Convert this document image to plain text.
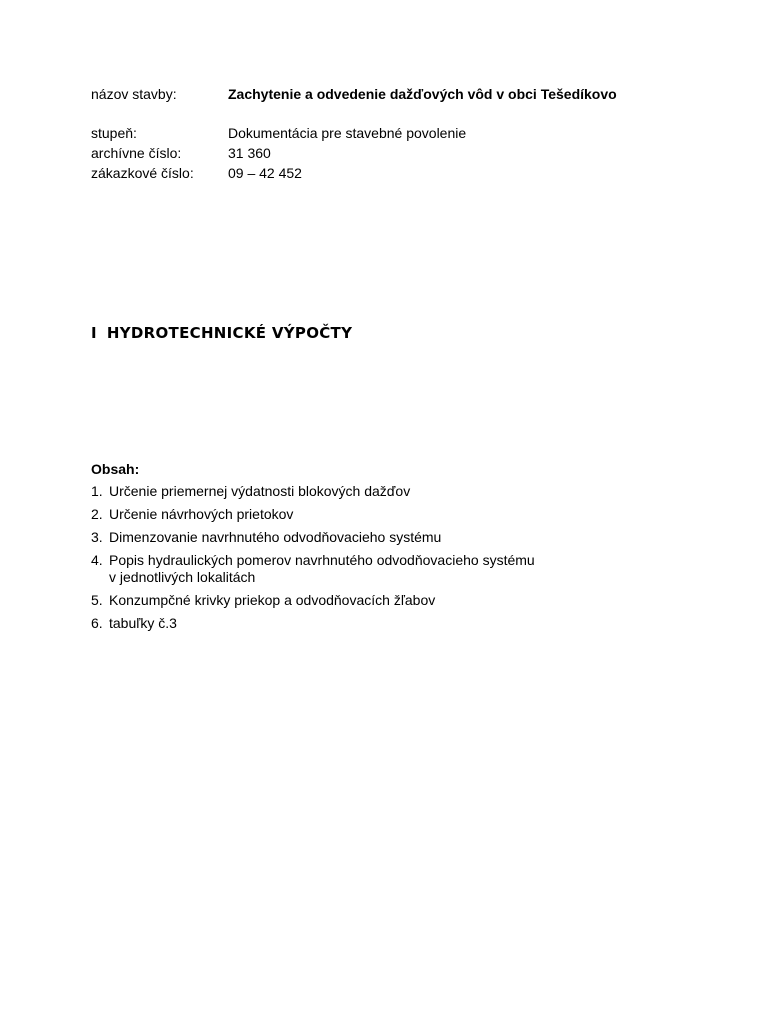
názov stavby:	Zachytenie a odvedenie dažďových vôd v obci Tešedíkovo
stupeň:	Dokumentácia pre stavebné povolenie
archívne číslo:	31 360
zákazkové číslo: 09 – 42 452
I HYDROTECHNICKÉ VÝPOČTY
Obsah:
1. Určenie priemernej výdatnosti blokových dažďov
2. Určenie návrhových prietokov
3. Dimenzovanie navrhnutého odvodňovacieho systému
4. Popis hydraulických pomerov navrhnutého odvodňovacieho systému
v jednotlivých lokalitách
5. Konzumpčné krivky priekop a odvodňovacích žľabov
6. tabuľky č.3
